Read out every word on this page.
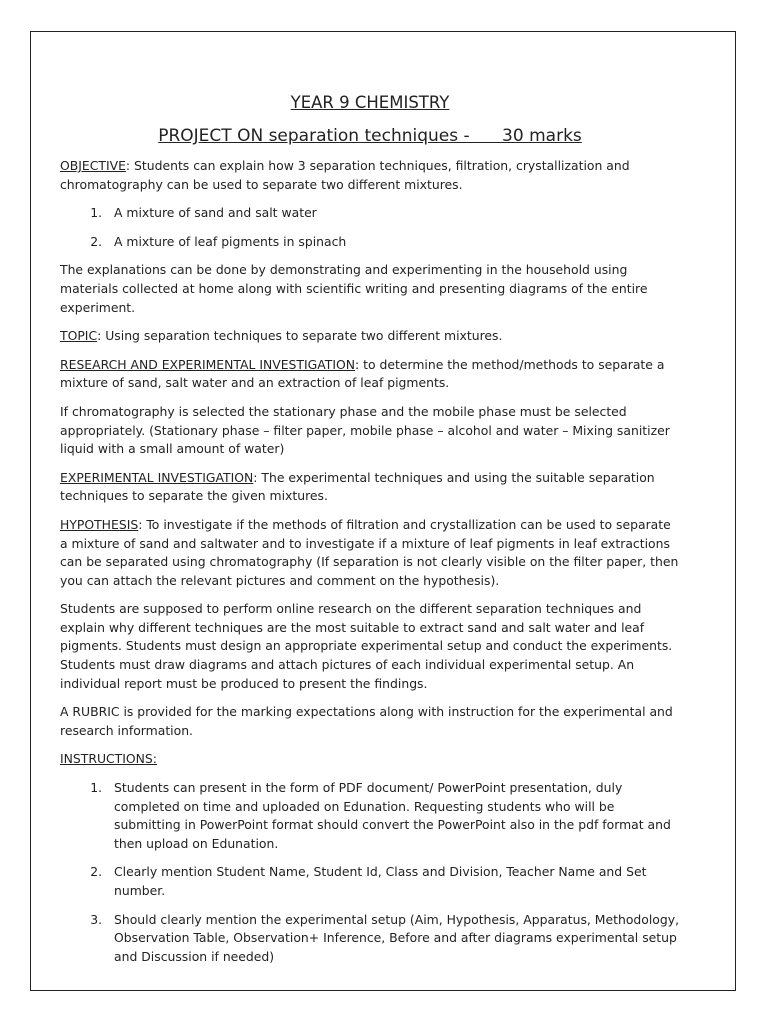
YEAR 9 CHEMISTRY

PROJECT ON separation techniques -      30 marks

OBJECTIVE: Students can explain how 3 separation techniques, filtration, crystallization and chromatography can be used to separate two different mixtures.

1. A mixture of sand and salt water
2. A mixture of leaf pigments in spinach

The explanations can be done by demonstrating and experimenting in the household using materials collected at home along with scientific writing and presenting diagrams of the entire experiment.

TOPIC: Using separation techniques to separate two different mixtures.

RESEARCH AND EXPERIMENTAL INVESTIGATION: to determine the method/methods to separate a mixture of sand, salt water and an extraction of leaf pigments.

If chromatography is selected the stationary phase and the mobile phase must be selected appropriately. (Stationary phase – filter paper, mobile phase – alcohol and water – Mixing sanitizer liquid with a small amount of water)

EXPERIMENTAL INVESTIGATION: The experimental techniques and using the suitable separation techniques to separate the given mixtures.

HYPOTHESIS: To investigate if the methods of filtration and crystallization can be used to separate a mixture of sand and saltwater and to investigate if a mixture of leaf pigments in leaf extractions can be separated using chromatography (If separation is not clearly visible on the filter paper, then you can attach the relevant pictures and comment on the hypothesis).

Students are supposed to perform online research on the different separation techniques and explain why different techniques are the most suitable to extract sand and salt water and leaf pigments. Students must design an appropriate experimental setup and conduct the experiments. Students must draw diagrams and attach pictures of each individual experimental setup. An individual report must be produced to present the findings.

A RUBRIC is provided for the marking expectations along with instruction for the experimental and research information.

INSTRUCTIONS:

1. Students can present in the form of PDF document/ PowerPoint presentation, duly completed on time and uploaded on Edunation. Requesting students who will be submitting in PowerPoint format should convert the PowerPoint also in the pdf format and then upload on Edunation.
2. Clearly mention Student Name, Student Id, Class and Division, Teacher Name and Set number.
3. Should clearly mention the experimental setup (Aim, Hypothesis, Apparatus, Methodology, Observation Table, Observation+ Inference, Before and after diagrams experimental setup and Discussion if needed)
